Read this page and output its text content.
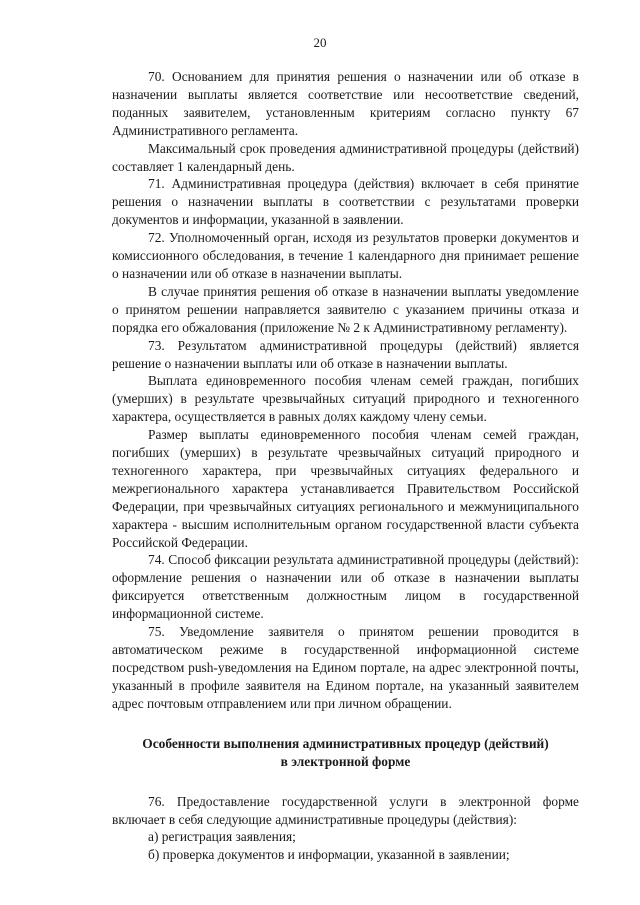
20

70. Основанием для принятия решения о назначении или об отказе в назначении выплаты является соответствие или несоответствие сведений, поданных заявителем, установленным критериям согласно пункту 67 Административного регламента.

Максимальный срок проведения административной процедуры (действий) составляет 1 календарный день.

71. Административная процедура (действия) включает в себя принятие решения о назначении выплаты в соответствии с результатами проверки документов и информации, указанной в заявлении.

72. Уполномоченный орган, исходя из результатов проверки документов и комиссионного обследования, в течение 1 календарного дня принимает решение о назначении или об отказе в назначении выплаты.

В случае принятия решения об отказе в назначении выплаты уведомление о принятом решении направляется заявителю с указанием причины отказа и порядка его обжалования (приложение № 2 к Административному регламенту).

73. Результатом административной процедуры (действий) является решение о назначении выплаты или об отказе в назначении выплаты.

Выплата единовременного пособия членам семей граждан, погибших (умерших) в результате чрезвычайных ситуаций природного и техногенного характера, осуществляется в равных долях каждому члену семьи.

Размер выплаты единовременного пособия членам семей граждан, погибших (умерших) в результате чрезвычайных ситуаций природного и техногенного характера, при чрезвычайных ситуациях федерального и межрегионального характера устанавливается Правительством Российской Федерации, при чрезвычайных ситуациях регионального и межмуниципального характера - высшим исполнительным органом государственной власти субъекта Российской Федерации.

74. Способ фиксации результата административной процедуры (действий): оформление решения о назначении или об отказе в назначении выплаты фиксируется ответственным должностным лицом в государственной информационной системе.

75. Уведомление заявителя о принятом решении проводится в автоматическом режиме в государственной информационной системе посредством push-уведомления на Едином портале, на адрес электронной почты, указанный в профиле заявителя на Едином портале, на указанный заявителем адрес почтовым отправлением или при личном обращении.

Особенности выполнения административных процедур (действий)
в электронной форме

76. Предоставление государственной услуги в электронной форме включает в себя следующие административные процедуры (действия):

а) регистрация заявления;

б) проверка документов и информации, указанной в заявлении;
